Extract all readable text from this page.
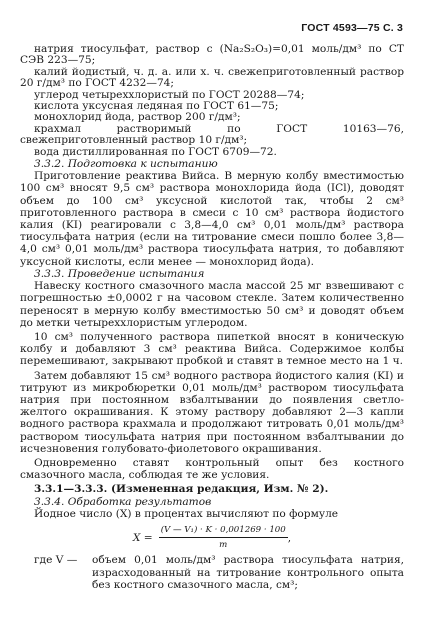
ГОСТ 4593—75 С. 3

натрия тиосульфат, раствор с (Na₂S₂O₃)=0,01 моль/дм³ по СТ СЭВ 223—75;

калий йодистый, ч. д. а. или х. ч. свежеприготовленный раствор 20 г/дм³ по ГОСТ 4232—74;

углерод четыреххлористый по ГОСТ 20288—74;

кислота уксусная ледяная по ГОСТ 61—75;

монохлорид йода, раствор 200 г/дм³;

крахмал растворимый по ГОСТ 10163—76, свежеприготовленный раствор 10 г/дм³;

вода дистиллированная по ГОСТ 6709—72.

3.3.2. Подготовка к испытанию

Приготовление реактива Вийса. В мерную колбу вместимостью 100 см³ вносят 9,5 см³ раствора монохлорида йода (ICl), доводят объем до 100 см³ уксусной кислотой так, чтобы 2 см³ приготовленного раствора в смеси с 10 см³ раствора йодистого калия (KI) реагировали с 3,8—4,0 см³ 0,01 моль/дм³ раствора тиосульфата натрия (если на титрование смеси пошло более 3,8—4,0 см³ 0,01 моль/дм³ раствора тиосульфата натрия, то добавляют уксусной кислоты, если менее — монохлорид йода).

3.3.3. Проведение испытания

Навеску костного смазочного масла массой 25 мг взвешивают с погрешностью ±0,0002 г на часовом стекле. Затем количественно переносят в мерную колбу вместимостью 50 см³ и доводят объем до метки четыреххлористым углеродом.

10 см³ полученного раствора пипеткой вносят в коническую колбу и добавляют 3 см³ реактива Вийса. Содержимое колбы перемешивают, закрывают пробкой и ставят в темное место на 1 ч.

Затем добавляют 15 см³ водного раствора йодистого калия (KI) и титруют из микробюретки 0,01 моль/дм³ раствором тиосульфата натрия при постоянном взбалтывании до появления светло-желтого окрашивания. К этому раствору добавляют 2—3 капли водного раствора крахмала и продолжают титровать 0,01 моль/дм³ раствором тиосульфата натрия при постоянном взбалтывании до исчезновения голубовато-фиолетового окрашивания.

Одновременно ставят контрольный опыт без костного смазочного масла, соблюдая те же условия.

3.3.1—3.3.3. (Измененная редакция, Изм. № 2).

3.3.4. Обработка результатов

Йодное число (X) в процентах вычисляют по формуле

$X = \frac{\text{(V — V₁) · K · 0,001269 · 100}}{m}$ ,
где V —	объем 0,01 моль/дм³ раствора тиосульфата натрия, израсходованный на титрование контрольного опыта без костного смазочного масла, см³;
